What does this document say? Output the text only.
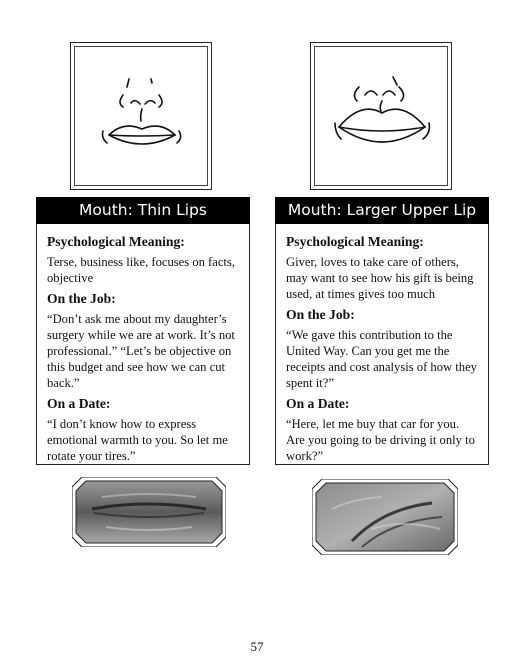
Mouth: Thin Lips
Psychological Meaning:
Terse, business like, focuses on facts, objective
On the Job:
“Don’t ask me about my daughter’s surgery while we are at work. It’s not professional.” “Let’s be objective on this budget and see how we can cut back.”
On a Date:
“I don’t know how to express emotional warmth to you. So let me rotate your tires.”
Mouth: Larger Upper Lip
Psychological Meaning:
Giver, loves to take care of others, may want to see how his gift is being used, at times gives too much
On the Job:
“We gave this contribution to the United Way. Can you get me the receipts and cost analysis of how they spent it?”
On a Date:
“Here, let me buy that car for you. Are you going to be driving it only to work?”
57
